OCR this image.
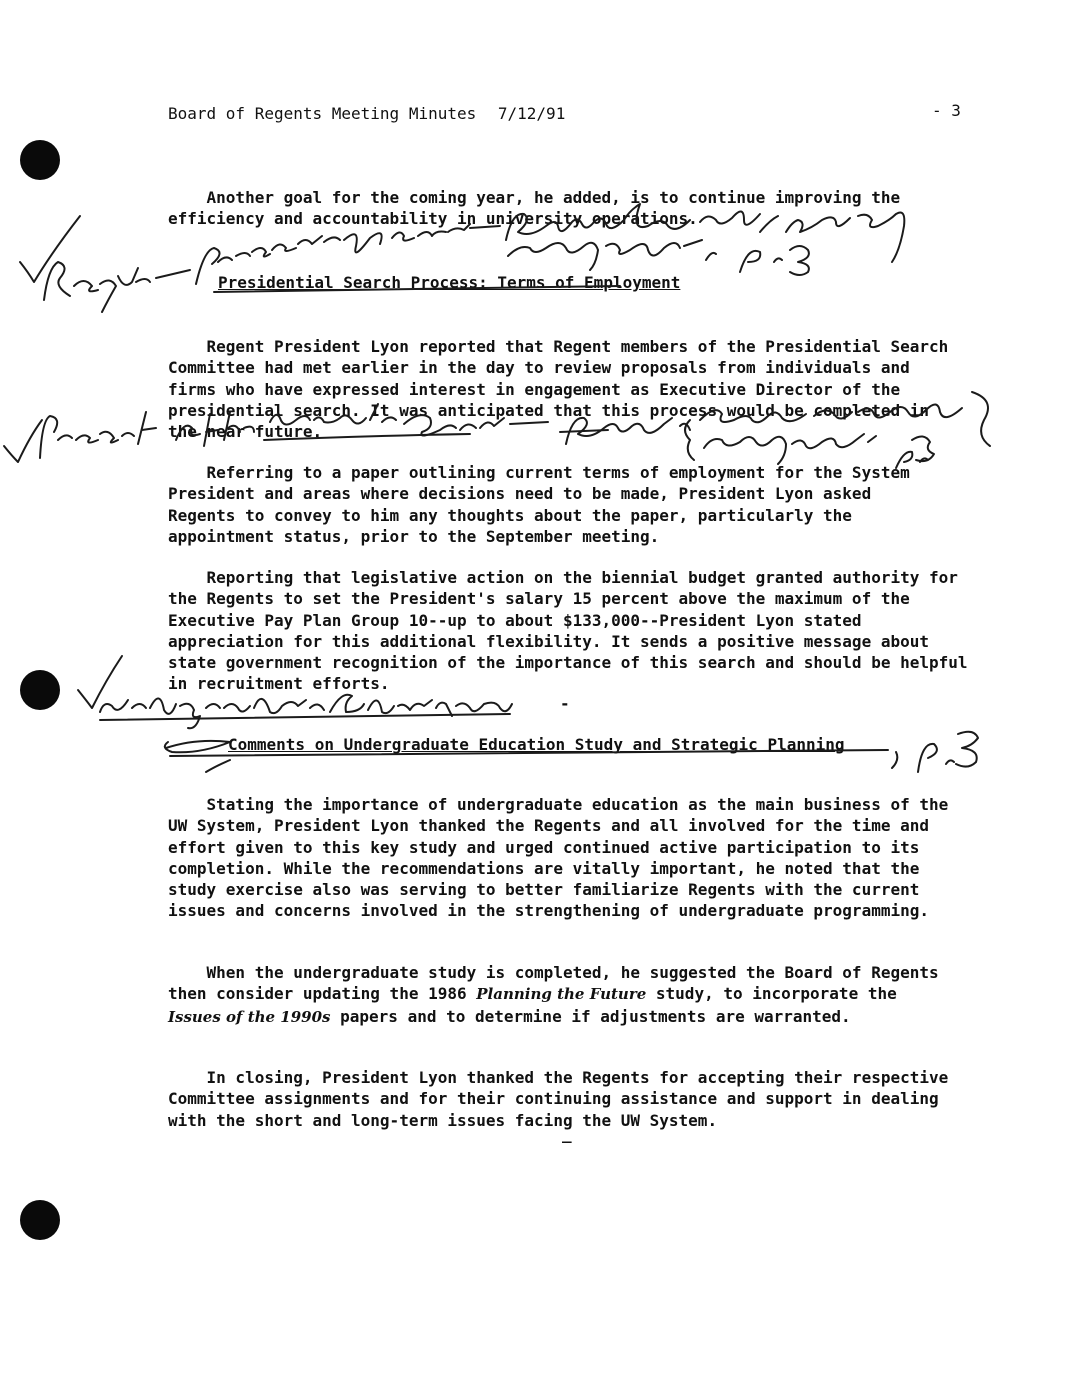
Board of Regents Meeting Minutes 7/12/91	- 3

Another goal for the coming year, he added, is to continue improving the efficiency and accountability in university operations.

Presidential Search Process: Terms of Employment

Regent President Lyon reported that Regent members of the Presidential Search Committee had met earlier in the day to review proposals from individuals and firms who have expressed interest in engagement as Executive Director of the presidential search. It was anticipated that this process would be completed in the near future.

Referring to a paper outlining current terms of employment for the System President and areas where decisions need to be made, President Lyon asked Regents to convey to him any thoughts about the paper, particularly the appointment status, prior to the September meeting.

Reporting that legislative action on the biennial budget granted authority for the Regents to set the President's salary 15 percent above the maximum of the Executive Pay Plan Group 10--up to about $133,000--President Lyon stated appreciation for this additional flexibility. It sends a positive message about state government recognition of the importance of this search and should be helpful in recruitment efforts.

Comments on Undergraduate Education Study and Strategic Planning

Stating the importance of undergraduate education as the main business of the UW System, President Lyon thanked the Regents and all involved for the time and effort given to this key study and urged continued active participation to its completion. While the recommendations are vitally important, he noted that the study exercise also was serving to better familiarize Regents with the current issues and concerns involved in the strengthening of undergraduate programming.

When the undergraduate study is completed, he suggested the Board of Regents then consider updating the 1986 Planning the Future study, to incorporate the Issues of the 1990s papers and to determine if adjustments are warranted.

In closing, President Lyon thanked the Regents for accepting their respective Committee assignments and for their continuing assistance and support in dealing with the short and long-term issues facing the UW System.

-
_
